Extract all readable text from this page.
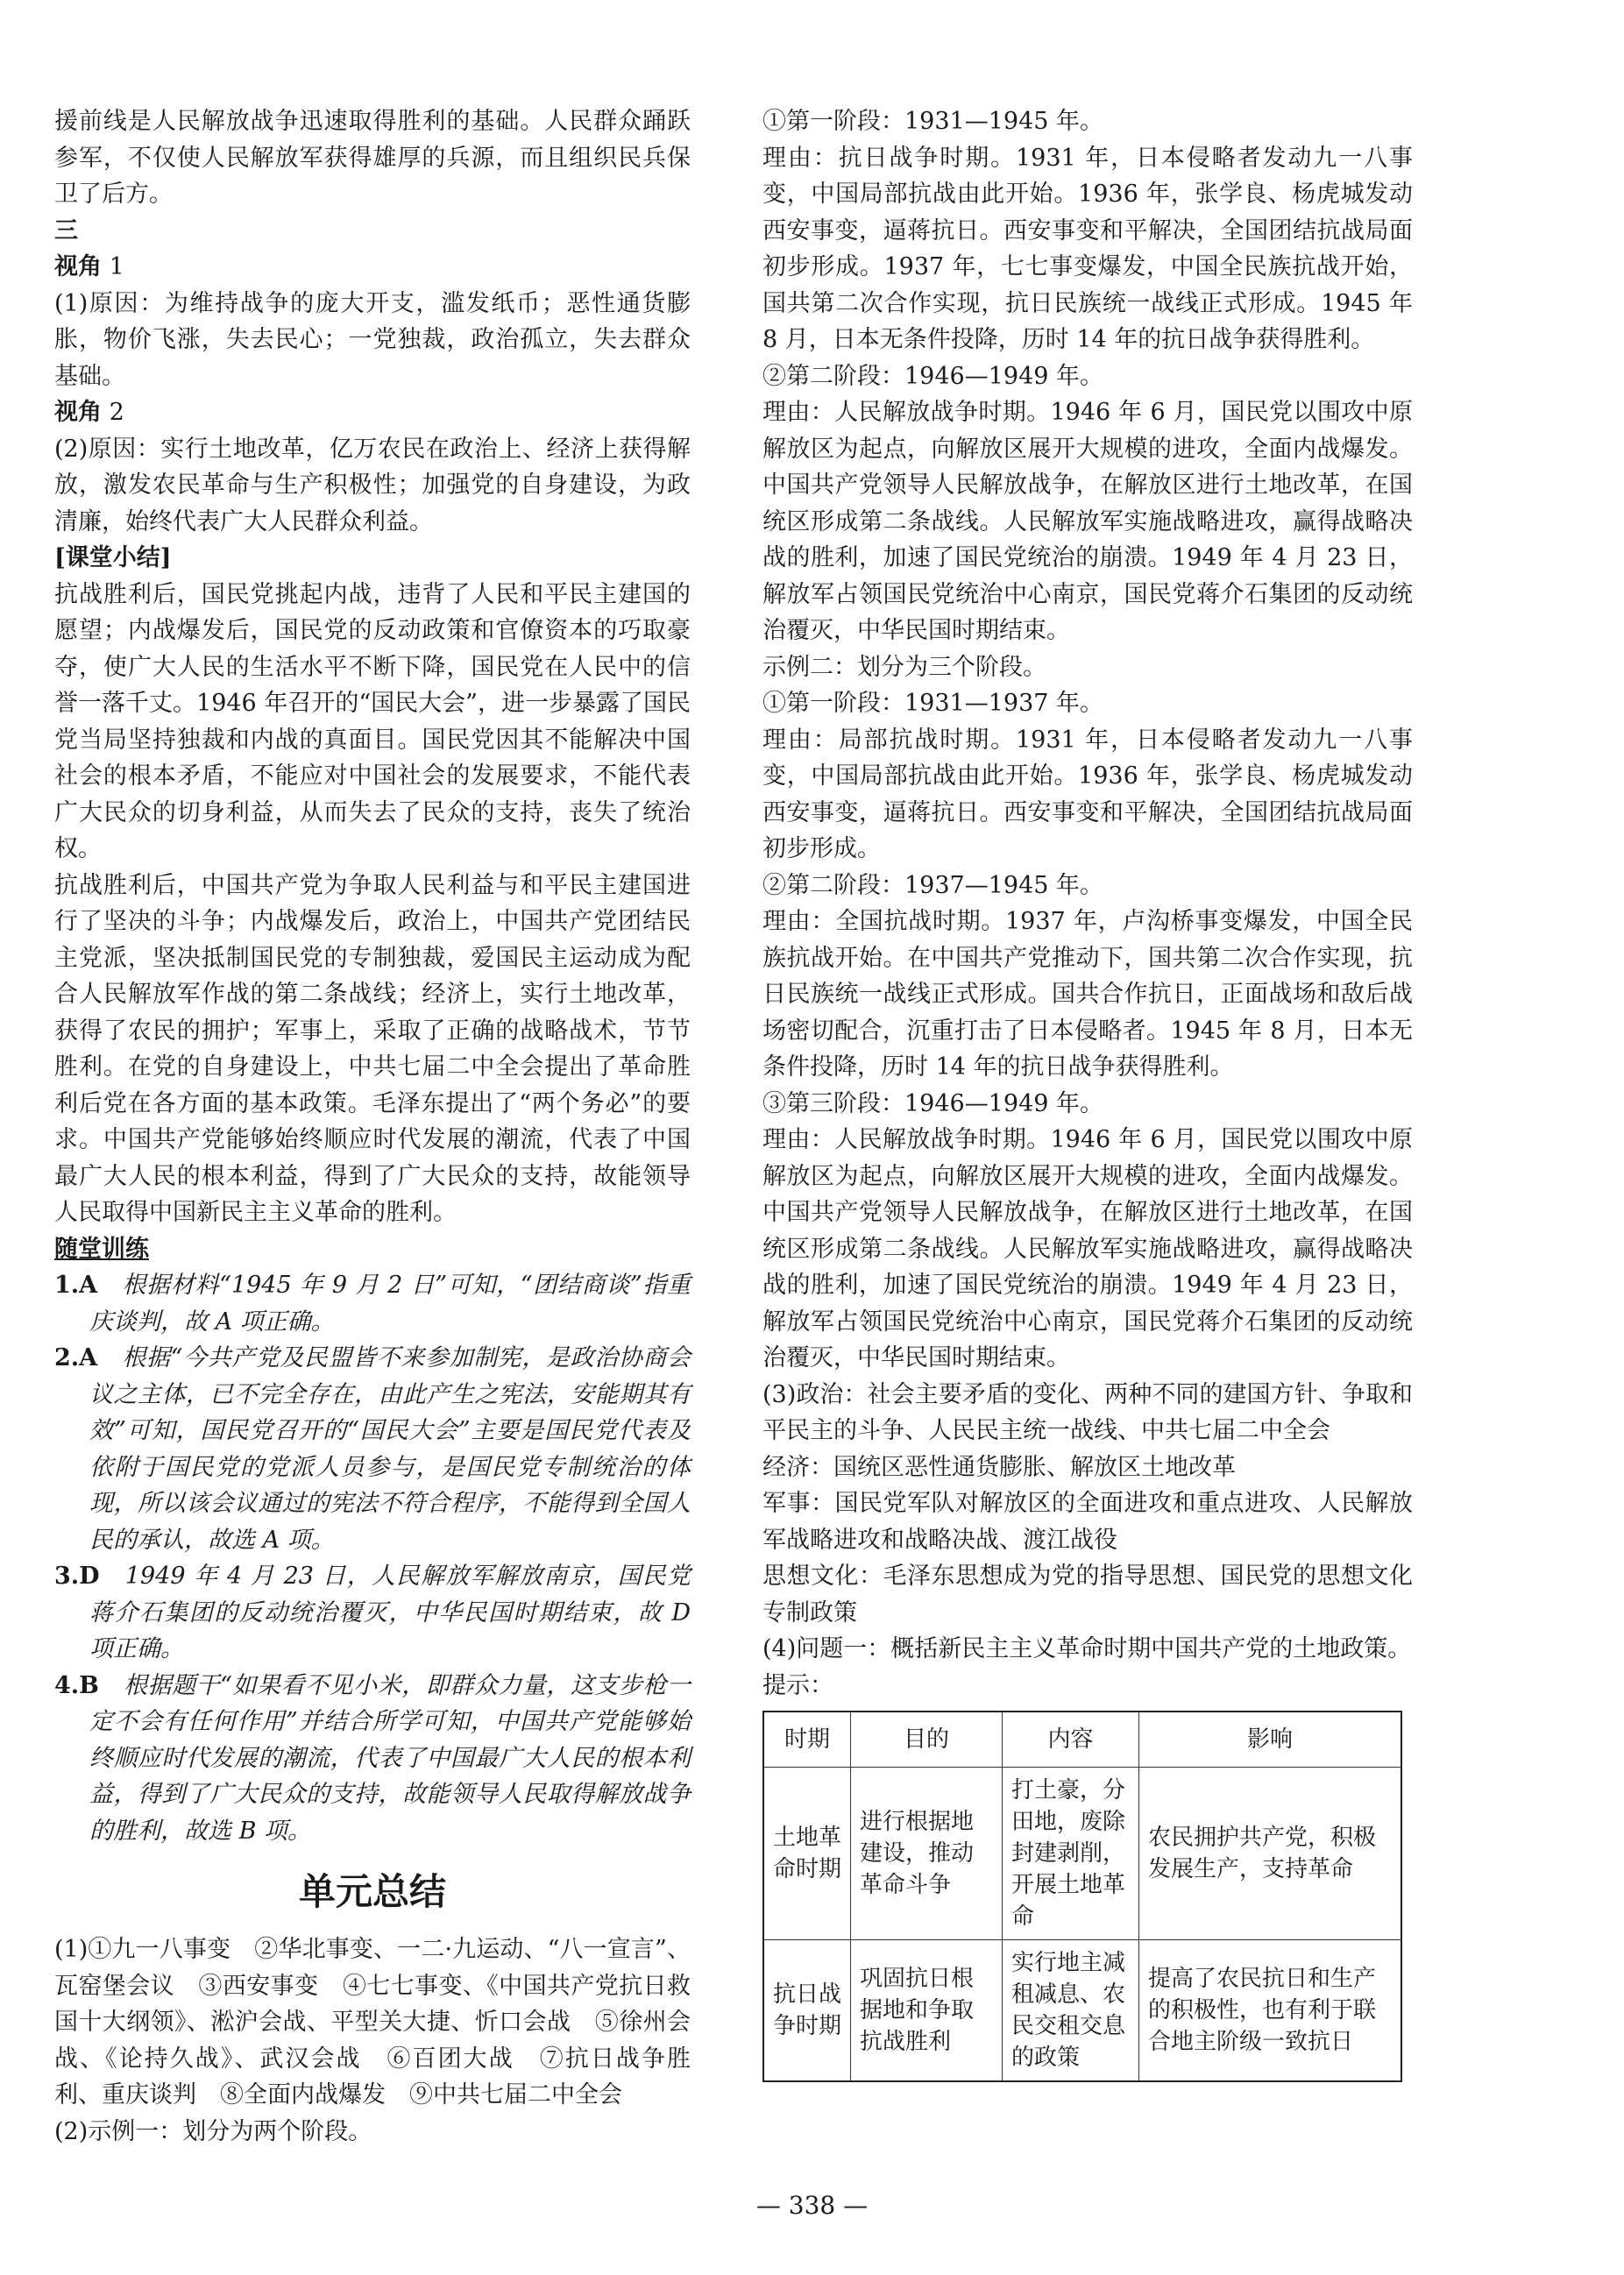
援前线是人民解放战争迅速取得胜利的基础。人民群众踊跃参军，不仅使人民解放军获得雄厚的兵源，而且组织民兵保卫了后方。

三

视角 1

(1)原因：为维持战争的庞大开支，滥发纸币；恶性通货膨胀，物价飞涨，失去民心；一党独裁，政治孤立，失去群众基础。

视角 2

(2)原因：实行土地改革，亿万农民在政治上、经济上获得解放，激发农民革命与生产积极性；加强党的自身建设，为政清廉，始终代表广大人民群众利益。

[课堂小结]

抗战胜利后，国民党挑起内战，违背了人民和平民主建国的愿望；内战爆发后，国民党的反动政策和官僚资本的巧取豪夺，使广大人民的生活水平不断下降，国民党在人民中的信誉一落千丈。1946 年召开的“国民大会”，进一步暴露了国民党当局坚持独裁和内战的真面目。国民党因其不能解决中国社会的根本矛盾，不能应对中国社会的发展要求，不能代表广大民众的切身利益，从而失去了民众的支持，丧失了统治权。

抗战胜利后，中国共产党为争取人民利益与和平民主建国进行了坚决的斗争；内战爆发后，政治上，中国共产党团结民主党派，坚决抵制国民党的专制独裁，爱国民主运动成为配合人民解放军作战的第二条战线；经济上，实行土地改革，获得了农民的拥护；军事上，采取了正确的战略战术，节节胜利。在党的自身建设上，中共七届二中全会提出了革命胜利后党在各方面的基本政策。毛泽东提出了“两个务必”的要求。中国共产党能够始终顺应时代发展的潮流，代表了中国最广大人民的根本利益，得到了广大民众的支持，故能领导人民取得中国新民主主义革命的胜利。

随堂训练

1.A　 根据材料“1945 年 9 月 2 日”可知，“团结商谈”指重庆谈判，故 A 项正确。

2.A　 根据“今共产党及民盟皆不来参加制宪，是政治协商会议之主体，已不完全存在，由此产生之宪法，安能期其有效”可知，国民党召开的“国民大会”主要是国民党代表及依附于国民党的党派人员参与，是国民党专制统治的体现，所以该会议通过的宪法不符合程序，不能得到全国人民的承认，故选 A 项。

3.D　 1949 年 4 月 23 日，人民解放军解放南京，国民党蒋介石集团的反动统治覆灭，中华民国时期结束，故 D 项正确。

4.B　 根据题干“如果看不见小米，即群众力量，这支步枪一定不会有任何作用”并结合所学可知，中国共产党能够始终顺应时代发展的潮流，代表了中国最广大人民的根本利益，得到了广大民众的支持，故能领导人民取得解放战争的胜利，故选 B 项。

单元总结

(1)①九一八事变　②华北事变、一二·九运动、“八一宣言”、瓦窑堡会议　③西安事变　④七七事变、《中国共产党抗日救国十大纲领》、淞沪会战、平型关大捷、忻口会战　⑤徐州会战、《论持久战》、武汉会战　⑥百团大战　⑦抗日战争胜利、重庆谈判　⑧全面内战爆发　⑨中共七届二中全会

(2)示例一：划分为两个阶段。

①第一阶段：1931—1945 年。

理由：抗日战争时期。1931 年，日本侵略者发动九一八事变，中国局部抗战由此开始。1936 年，张学良、杨虎城发动西安事变，逼蒋抗日。西安事变和平解决，全国团结抗战局面初步形成。1937 年，七七事变爆发，中国全民族抗战开始，国共第二次合作实现，抗日民族统一战线正式形成。1945 年 8 月，日本无条件投降，历时 14 年的抗日战争获得胜利。

②第二阶段：1946—1949 年。

理由：人民解放战争时期。1946 年 6 月，国民党以围攻中原解放区为起点，向解放区展开大规模的进攻，全面内战爆发。中国共产党领导人民解放战争，在解放区进行土地改革，在国统区形成第二条战线。人民解放军实施战略进攻，赢得战略决战的胜利，加速了国民党统治的崩溃。1949 年 4 月 23 日，解放军占领国民党统治中心南京，国民党蒋介石集团的反动统治覆灭，中华民国时期结束。

示例二：划分为三个阶段。

①第一阶段：1931—1937 年。

理由：局部抗战时期。1931 年，日本侵略者发动九一八事变，中国局部抗战由此开始。1936 年，张学良、杨虎城发动西安事变，逼蒋抗日。西安事变和平解决，全国团结抗战局面初步形成。

②第二阶段：1937—1945 年。

理由：全国抗战时期。1937 年，卢沟桥事变爆发，中国全民族抗战开始。在中国共产党推动下，国共第二次合作实现，抗日民族统一战线正式形成。国共合作抗日，正面战场和敌后战场密切配合，沉重打击了日本侵略者。1945 年 8 月，日本无条件投降，历时 14 年的抗日战争获得胜利。

③第三阶段：1946—1949 年。

理由：人民解放战争时期。1946 年 6 月，国民党以围攻中原解放区为起点，向解放区展开大规模的进攻，全面内战爆发。中国共产党领导人民解放战争，在解放区进行土地改革，在国统区形成第二条战线。人民解放军实施战略进攻，赢得战略决战的胜利，加速了国民党统治的崩溃。1949 年 4 月 23 日，解放军占领国民党统治中心南京，国民党蒋介石集团的反动统治覆灭，中华民国时期结束。

(3)政治：社会主要矛盾的变化、两种不同的建国方针、争取和平民主的斗争、人民民主统一战线、中共七届二中全会

经济：国统区恶性通货膨胀、解放区土地改革

军事：国民党军队对解放区的全面进攻和重点进攻、人民解放军战略进攻和战略决战、渡江战役

思想文化：毛泽东思想成为党的指导思想、国民党的思想文化专制政策

(4)问题一：概括新民主主义革命时期中国共产党的土地政策。

提示：

时期	目的	内容	影响
土地革命时期	进行根据地建设，推动革命斗争	打土豪，分田地，废除封建剥削，开展土地革命	农民拥护共产党，积极发展生产，支持革命
抗日战争时期	巩固抗日根据地和争取抗战胜利	实行地主减租减息、农民交租交息的政策	提高了农民抗日和生产的积极性，也有利于联合地主阶级一致抗日
— 338 —
